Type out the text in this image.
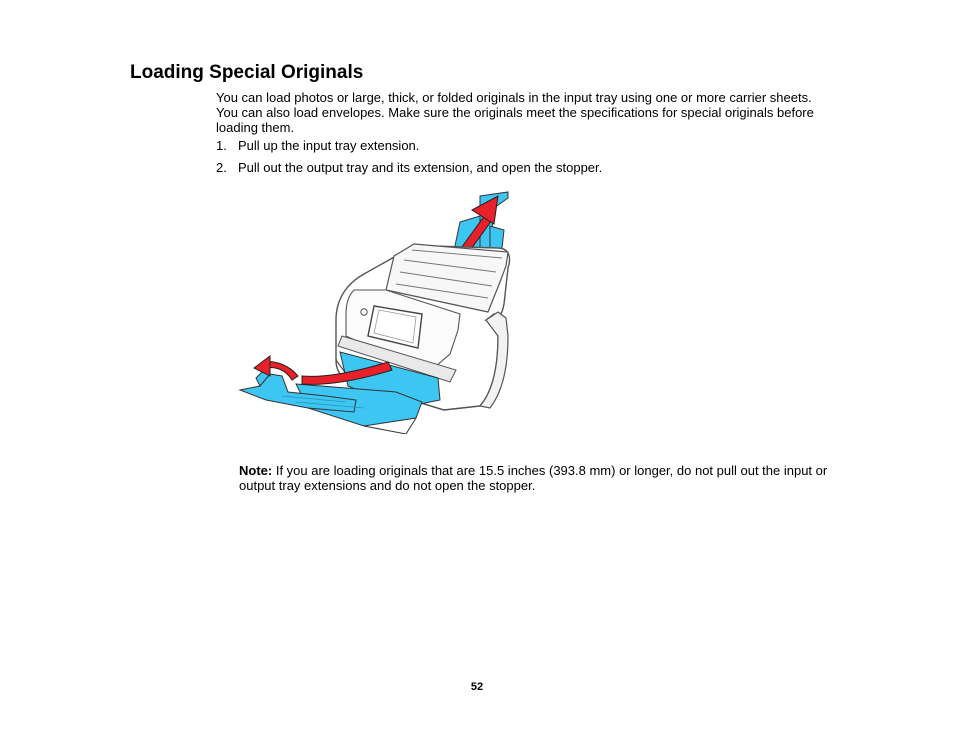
Loading Special Originals

You can load photos or large, thick, or folded originals in the input tray using one or more carrier sheets. You can also load envelopes. Make sure the originals meet the specifications for special originals before loading them.

1. Pull up the input tray extension.
2. Pull out the output tray and its extension, and open the stopper.

Note: If you are loading originals that are 15.5 inches (393.8 mm) or longer, do not pull out the input or output tray extensions and do not open the stopper.

52
